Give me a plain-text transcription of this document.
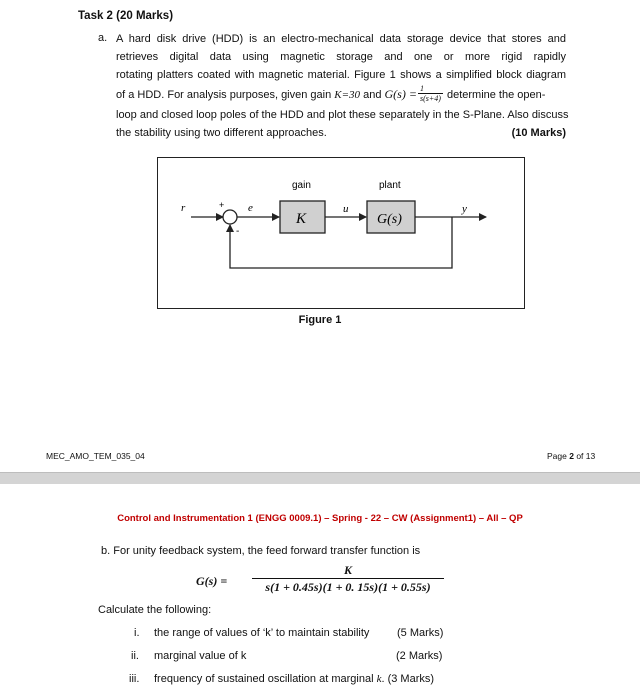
Task 2 (20 Marks)
a. A hard disk drive (HDD) is an electro-mechanical data storage device that stores and
retrieves digital data using magnetic storage and one or more rigid rapidly
rotating platters coated with magnetic material. Figure 1 shows a simplified block diagram
of a HDD. For analysis purposes, given gain K=30 and $G(s) = \frac{1}{s(s+4)}$ determine the open-
loop and closed loop poles of the HDD and plot these separately in the S-Plane. Also discuss
the stability using two different approaches.	(10 Marks)
gain	plant
K	G(s)
r	e	u	y
+
-
Figure 1
MEC_AMO_TEM_035_04	Page 2 of 13
Control and Instrumentation 1 (ENGG 0009.1) – Spring - 22 – CW (Assignment1) – All – QP
b. For unity feedback system, the feed forward transfer function is
$G(s) = \frac{K}{s(1 + 0.45s)(1 + 0. 15s)(1 + 0.55s)}$
Calculate the following:
i. the range of values of ‘k’ to maintain stability	(5 Marks)
ii. marginal value of k	(2 Marks)
iii. frequency of sustained oscillation at marginal k. (3 Marks)
